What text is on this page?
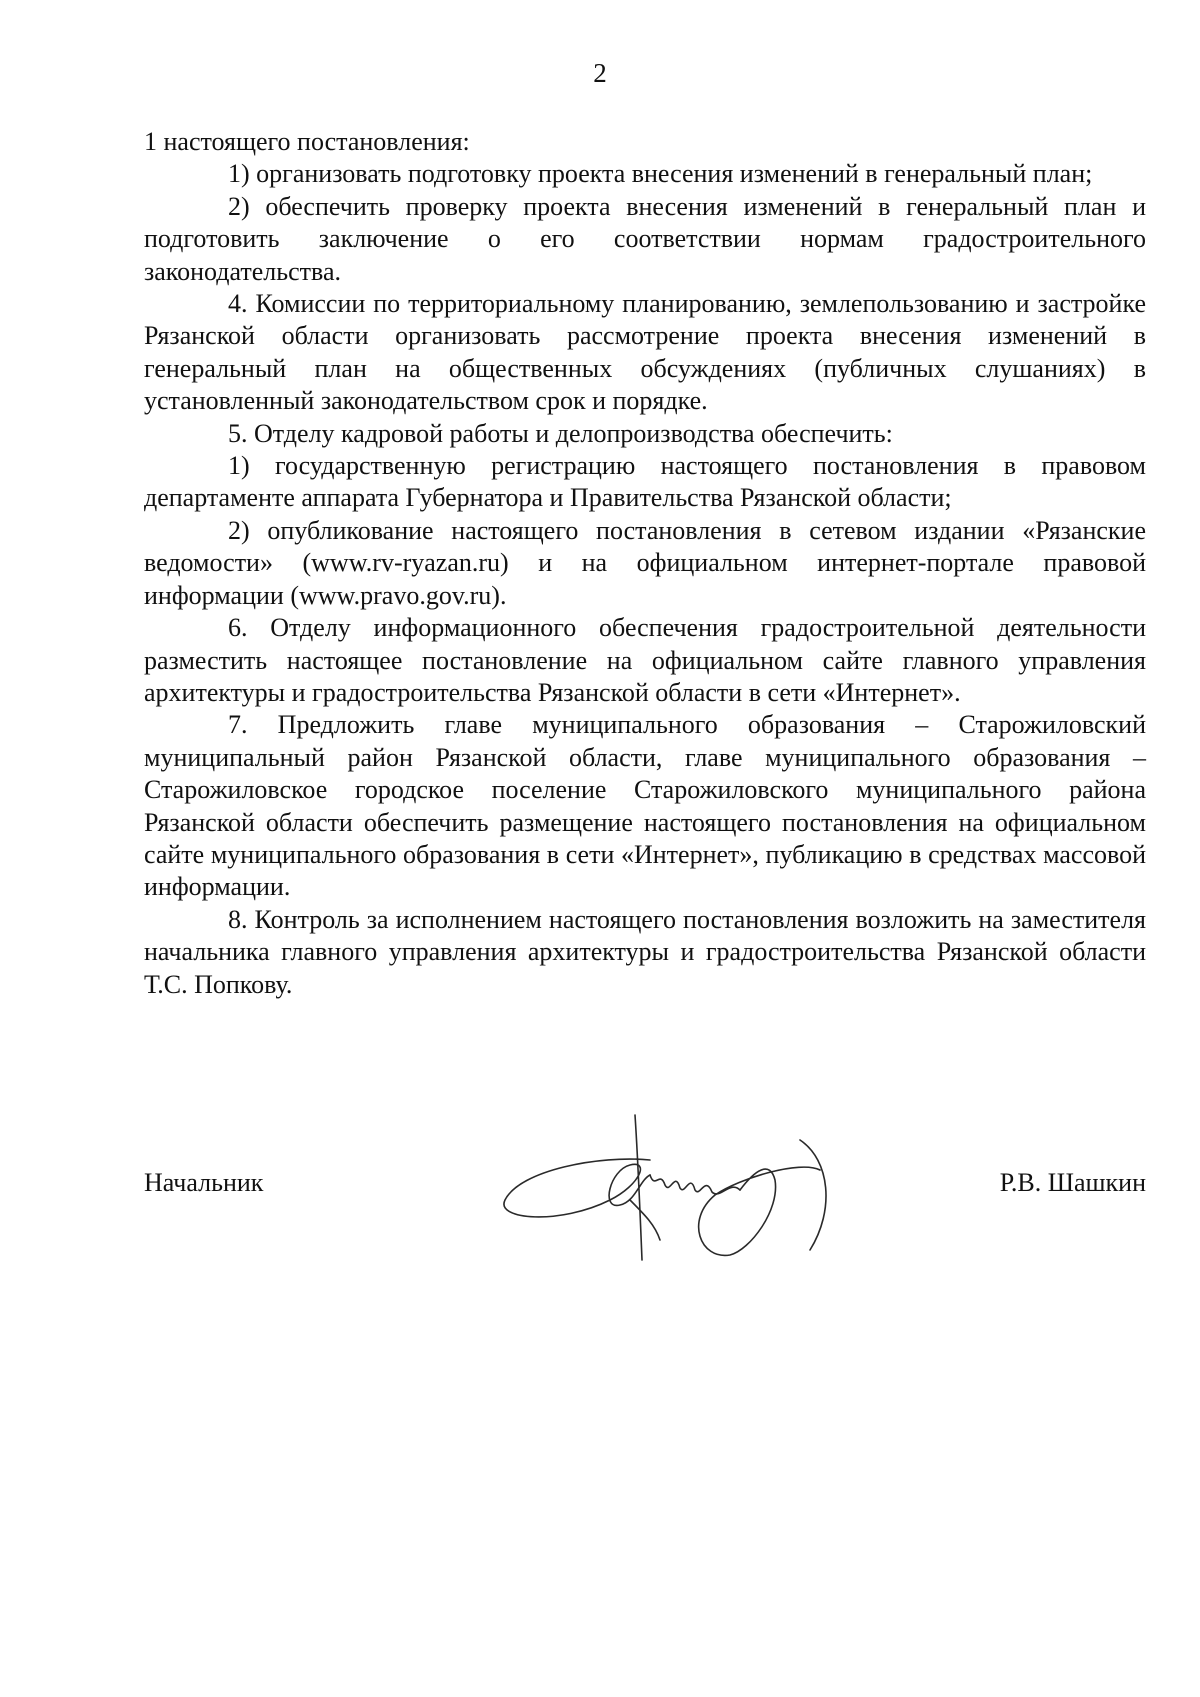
2

1 настоящего постановления:

1) организовать подготовку проекта внесения изменений в генеральный план;

2) обеспечить проверку проекта внесения изменений в генеральный план и подготовить заключение о его соответствии нормам градостроительного законодательства.

4. Комиссии по территориальному планированию, землепользованию и застройке Рязанской области организовать рассмотрение проекта внесения изменений в генеральный план на общественных обсуждениях (публичных слушаниях) в установленный законодательством срок и порядке.

5. Отделу кадровой работы и делопроизводства обеспечить:

1) государственную регистрацию настоящего постановления в правовом департаменте аппарата Губернатора и Правительства Рязанской области;

2) опубликование настоящего постановления в сетевом издании «Рязанские ведомости» (www.rv-ryazan.ru) и на официальном интернет-портале правовой информации (www.pravo.gov.ru).

6. Отделу информационного обеспечения градостроительной деятельности разместить настоящее постановление на официальном сайте главного управления архитектуры и градостроительства Рязанской области в сети «Интернет».

7. Предложить главе муниципального образования – Старожиловский муниципальный район Рязанской области, главе муниципального образования – Старожиловское городское поселение Старожиловского муниципального района Рязанской области обеспечить размещение настоящего постановления на официальном сайте муниципального образования в сети «Интернет», публикацию в средствах массовой информации.

8. Контроль за исполнением настоящего постановления возложить на заместителя начальника главного управления архитектуры и градостроительства Рязанской области Т.С. Попкову.

Начальник	Р.В. Шашкин
